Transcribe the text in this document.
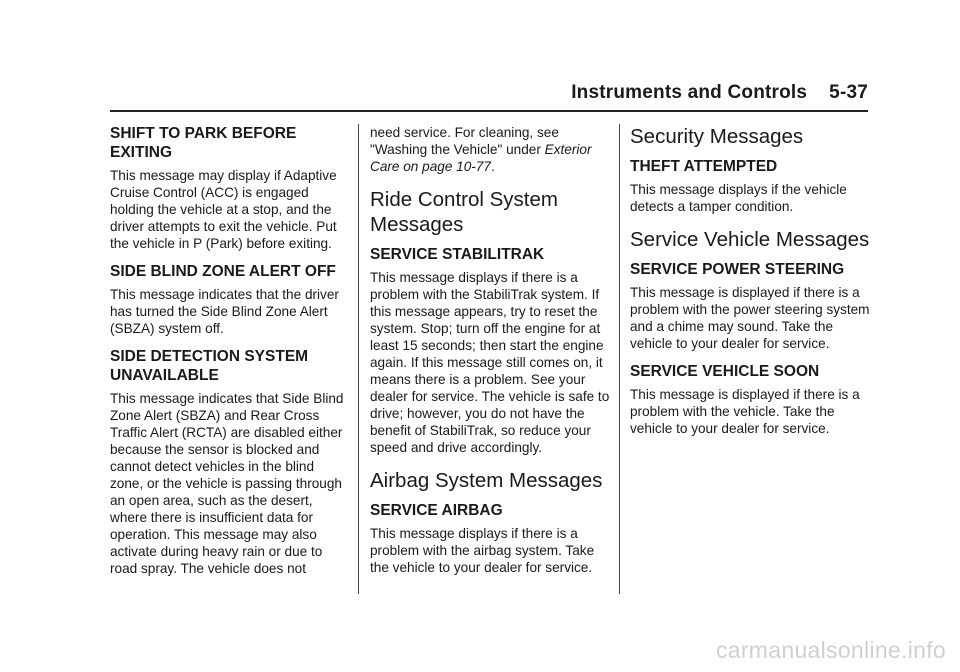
Instruments and Controls 5-37
SHIFT TO PARK BEFORE EXITING
This message may display if Adaptive Cruise Control (ACC) is engaged holding the vehicle at a stop, and the driver attempts to exit the vehicle. Put the vehicle in P (Park) before exiting.
SIDE BLIND ZONE ALERT OFF
This message indicates that the driver has turned the Side Blind Zone Alert (SBZA) system off.
SIDE DETECTION SYSTEM UNAVAILABLE
This message indicates that Side Blind Zone Alert (SBZA) and Rear Cross Traffic Alert (RCTA) are disabled either because the sensor is blocked and cannot detect vehicles in the blind zone, or the vehicle is passing through an open area, such as the desert, where there is insufficient data for operation. This message may also activate during heavy rain or due to road spray. The vehicle does not
need service. For cleaning, see "Washing the Vehicle" under Exterior Care on page 10-77.
Ride Control System Messages
SERVICE STABILITRAK
This message displays if there is a problem with the StabiliTrak system. If this message appears, try to reset the system. Stop; turn off the engine for at least 15 seconds; then start the engine again. If this message still comes on, it means there is a problem. See your dealer for service. The vehicle is safe to drive; however, you do not have the benefit of StabiliTrak, so reduce your speed and drive accordingly.
Airbag System Messages
SERVICE AIRBAG
This message displays if there is a problem with the airbag system. Take the vehicle to your dealer for service.
Security Messages
THEFT ATTEMPTED
This message displays if the vehicle detects a tamper condition.
Service Vehicle Messages
SERVICE POWER STEERING
This message is displayed if there is a problem with the power steering system and a chime may sound. Take the vehicle to your dealer for service.
SERVICE VEHICLE SOON
This message is displayed if there is a problem with the vehicle. Take the vehicle to your dealer for service.
carmanualsonline.info
